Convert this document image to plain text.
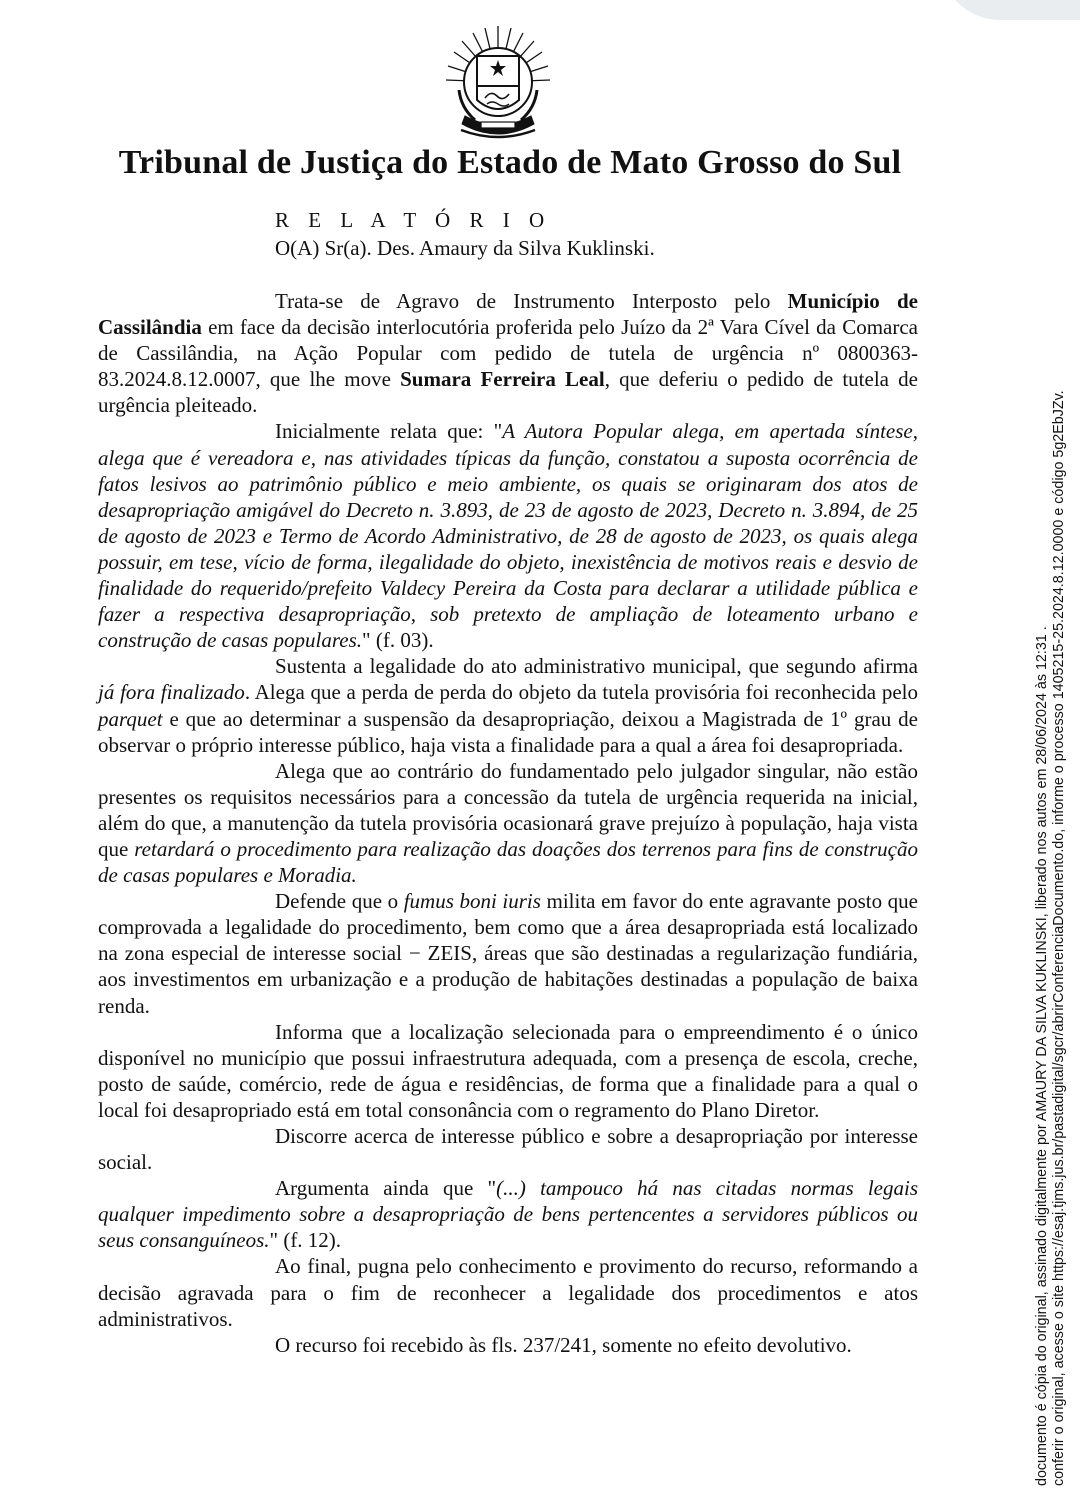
Tribunal de Justiça do Estado de Mato Grosso do Sul
R E L A T Ó R I O
O(A) Sr(a). Des. Amaury da Silva Kuklinski.

Trata-se de Agravo de Instrumento Interposto pelo Município de Cassilândia em face da decisão interlocutória proferida pelo Juízo da 2ª Vara Cível da Comarca de Cassilândia, na Ação Popular com pedido de tutela de urgência nº 0800363-83.2024.8.12.0007, que lhe move Sumara Ferreira Leal, que deferiu o pedido de tutela de urgência pleiteado.

Inicialmente relata que: "A Autora Popular alega, em apertada síntese, alega que é vereadora e, nas atividades típicas da função, constatou a suposta ocorrência de fatos lesivos ao patrimônio público e meio ambiente, os quais se originaram dos atos de desapropriação amigável do Decreto n. 3.893, de 23 de agosto de 2023, Decreto n. 3.894, de 25 de agosto de 2023 e Termo de Acordo Administrativo, de 28 de agosto de 2023, os quais alega possuir, em tese, vício de forma, ilegalidade do objeto, inexistência de motivos reais e desvio de finalidade do requerido/prefeito Valdecy Pereira da Costa para declarar a utilidade pública e fazer a respectiva desapropriação, sob pretexto de ampliação de loteamento urbano e construção de casas populares." (f. 03).

Sustenta a legalidade do ato administrativo municipal, que segundo afirma já fora finalizado. Alega que a perda de perda do objeto da tutela provisória foi reconhecida pelo parquet e que ao determinar a suspensão da desapropriação, deixou a Magistrada de 1º grau de observar o próprio interesse público, haja vista a finalidade para a qual a área foi desapropriada.

Alega que ao contrário do fundamentado pelo julgador singular, não estão presentes os requisitos necessários para a concessão da tutela de urgência requerida na inicial, além do que, a manutenção da tutela provisória ocasionará grave prejuízo à população, haja vista que retardará o procedimento para realização das doações dos terrenos para fins de construção de casas populares e Moradia.

Defende que o fumus boni iuris milita em favor do ente agravante posto que comprovada a legalidade do procedimento, bem como que a área desapropriada está localizado na zona especial de interesse social − ZEIS, áreas que são destinadas a regularização fundiária, aos investimentos em urbanização e a produção de habitações destinadas a população de baixa renda.

Informa que a localização selecionada para o empreendimento é o único disponível no município que possui infraestrutura adequada, com a presença de escola, creche, posto de saúde, comércio, rede de água e residências, de forma que a finalidade para a qual o local foi desapropriado está em total consonância com o regramento do Plano Diretor.

Discorre acerca de interesse público e sobre a desapropriação por interesse social.

Argumenta ainda que "(...) tampouco há nas citadas normas legais qualquer impedimento sobre a desapropriação de bens pertencentes a servidores públicos ou seus consanguíneos." (f. 12).

Ao final, pugna pelo conhecimento e provimento do recurso, reformando a decisão agravada para o fim de reconhecer a legalidade dos procedimentos e atos administrativos.

O recurso foi recebido às fls. 237/241, somente no efeito devolutivo.	documento é cópia do original, assinado digitalmente por AMAURY DA SILVA KUKLINSKI, liberado nos autos em 28/06/2024 às 12:31 . conferir o original, acesse o site https://esaj.tjms.jus.br/pastadigital/sgcr/abrirConferenciaDocumento.do, informe o processo 1405215-25.2024.8.12.0000 e código 5g2EbJZv.
